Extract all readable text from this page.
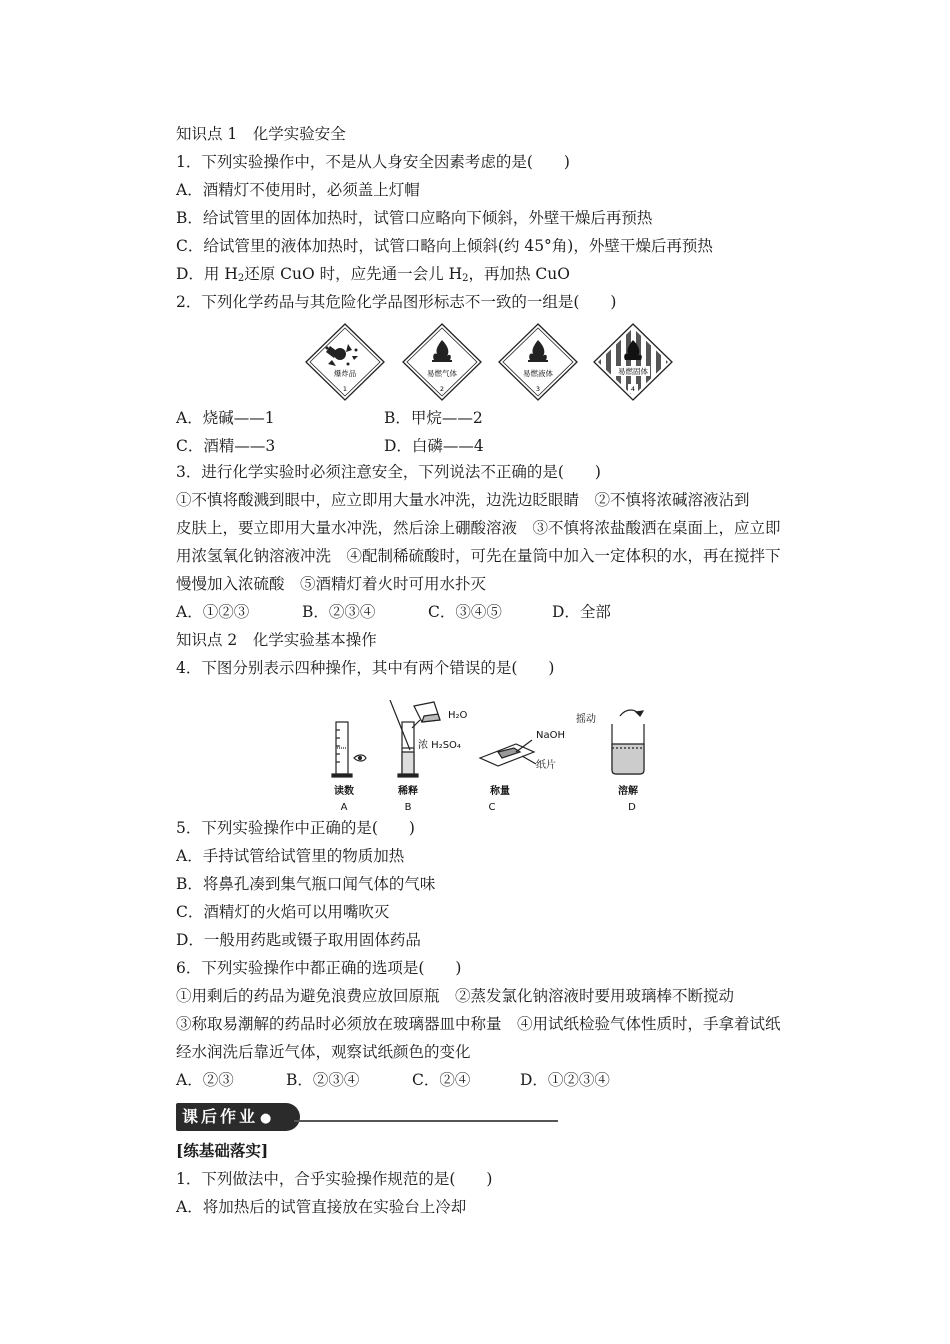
知识点 1　化学实验安全
1．下列实验操作中，不是从人身安全因素考虑的是(　　)
A．酒精灯不使用时，必须盖上灯帽
B．给试管里的固体加热时，试管口应略向下倾斜，外壁干燥后再预热
C．给试管里的液体加热时，试管口略向上倾斜(约 45°角)，外壁干燥后再预热
D．用 $H_2$还原 CuO 时，应先通一会儿 $H_2$，再加热 CuO
2．下列化学药品与其危险化学品图形标志不一致的一组是(　　)
爆炸品
1
易燃气体
2
易燃液体
3
易燃固体
4
A．烧碱——1	B．甲烷——2
C．酒精——3	D．白磷——4
3．进行化学实验时必须注意安全，下列说法不正确的是(　　)
①不慎将酸溅到眼中，应立即用大量水冲洗，边洗边眨眼睛　②不慎将浓碱溶液沾到
皮肤上，要立即用大量水冲洗，然后涂上硼酸溶液　③不慎将浓盐酸洒在桌面上，应立即
用浓氢氧化钠溶液冲洗　④配制稀硫酸时，可先在量筒中加入一定体积的水，再在搅拌下
慢慢加入浓硫酸　⑤酒精灯着火时可用水扑灭
A．①②③	B．②③④	C．③④⑤	D．全部
知识点 2　化学实验基本操作
4．下图分别表示四种操作，其中有两个错误的是(　　)
H₂O
浓 H₂SO₄
NaOH
纸片
摇动
读数	稀释	称量	溶解
A	B	C	D
5．下列实验操作中正确的是(　　)
A．手持试管给试管里的物质加热
B．将鼻孔凑到集气瓶口闻气体的气味
C．酒精灯的火焰可以用嘴吹灭
D．一般用药匙或镊子取用固体药品
6．下列实验操作中都正确的选项是(　　)
①用剩后的药品为避免浪费应放回原瓶　②蒸发氯化钠溶液时要用玻璃棒不断搅动
③称取易潮解的药品时必须放在玻璃器皿中称量　④用试纸检验气体性质时，手拿着试纸
经水润洗后靠近气体，观察试纸颜色的变化
A．②③	B．②③④	C．②④	D．①②③④
课后作业 ●
[练基础落实]
1．下列做法中，合乎实验操作规范的是(　　)
A．将加热后的试管直接放在实验台上冷却
